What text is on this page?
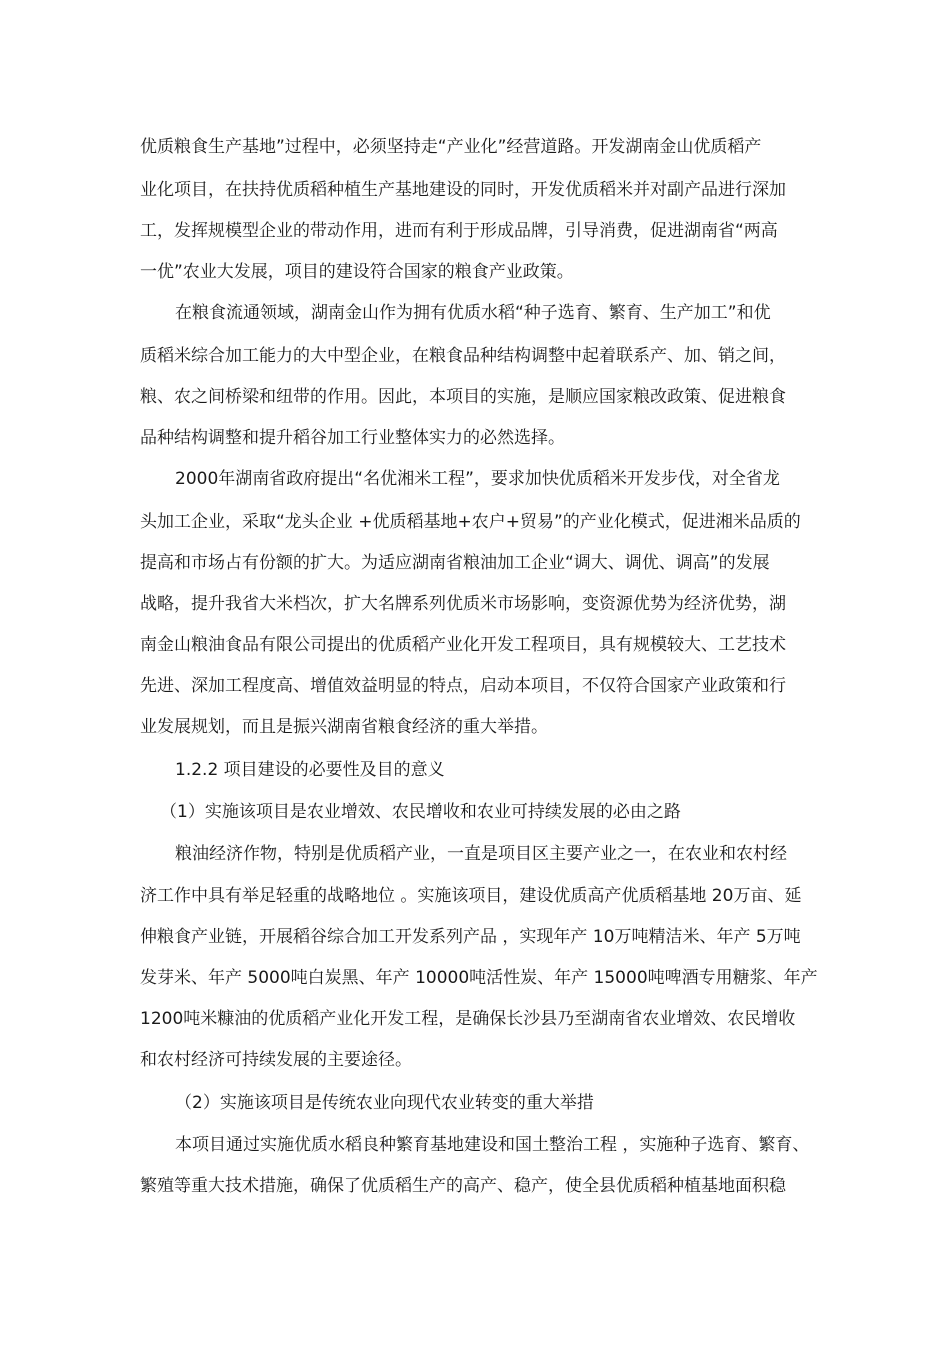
优质粮食生产基地”过程中，必须坚持走“产业化”经营道路。开发湖南金山优质稻产
业化项目，在扶持优质稻种植生产基地建设的同时，开发优质稻米并对副产品进行深加
工，发挥规模型企业的带动作用，进而有利于形成品牌，引导消费，促进湖南省“两高
一优”农业大发展，项目的建设符合国家的粮食产业政策。
在粮食流通领域，湖南金山作为拥有优质水稻“种子选育、繁育、生产加工”和优
质稻米综合加工能力的大中型企业，在粮食品种结构调整中起着联系产、加、销之间，
粮、农之间桥梁和纽带的作用。因此，本项目的实施，是顺应国家粮改政策、促进粮食
品种结构调整和提升稻谷加工行业整体实力的必然选择。
2000年湖南省政府提出“名优湘米工程”，要求加快优质稻米开发步伐，对全省龙
头加工企业，采取“龙头企业 +优质稻基地+农户+贸易”的产业化模式，促进湘米品质的
提高和市场占有份额的扩大。为适应湖南省粮油加工企业“调大、调优、调高”的发展
战略，提升我省大米档次，扩大名牌系列优质米市场影响，变资源优势为经济优势，湖
南金山粮油食品有限公司提出的优质稻产业化开发工程项目，具有规模较大、工艺技术
先进、深加工程度高、增值效益明显的特点，启动本项目，不仅符合国家产业政策和行
业发展规划，而且是振兴湖南省粮食经济的重大举措。
1.2.2 项目建设的必要性及目的意义
（1）实施该项目是农业增效、农民增收和农业可持续发展的必由之路
粮油经济作物，特别是优质稻产业，一直是项目区主要产业之一，在农业和农村经
济工作中具有举足轻重的战略地位 。实施该项目，建设优质高产优质稻基地 20万亩、延
伸粮食产业链，开展稻谷综合加工开发系列产品 ，实现年产 10万吨精洁米、年产 5万吨
发芽米、年产 5000吨白炭黑、年产 10000吨活性炭、年产 15000吨啤酒专用糖浆、年产
1200吨米糠油的优质稻产业化开发工程，是确保长沙县乃至湖南省农业增效、农民增收
和农村经济可持续发展的主要途径。
（2）实施该项目是传统农业向现代农业转变的重大举措
本项目通过实施优质水稻良种繁育基地建设和国土整治工程 ，实施种子选育、繁育、
繁殖等重大技术措施，确保了优质稻生产的高产、稳产，使全县优质稻种植基地面积稳
